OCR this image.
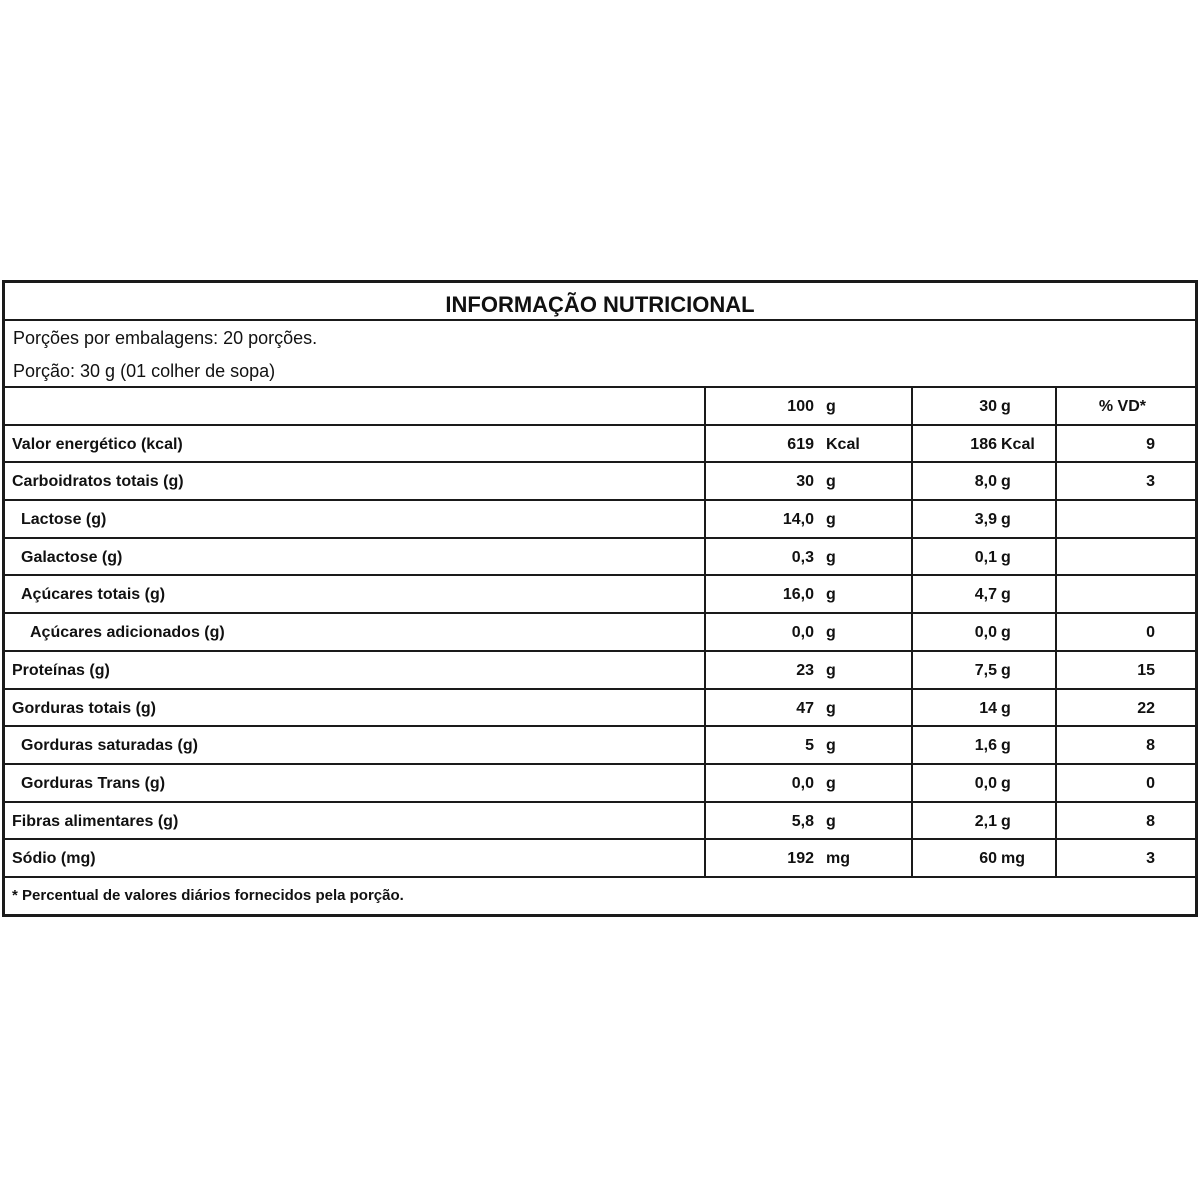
INFORMAÇÃO NUTRICIONAL
Porções por embalagens: 20 porções.
Porção: 30 g (01 colher de sopa)
100 g	30 g	% VD*
Valor energético (kcal)	619 Kcal	186 Kcal	9
Carboidratos totais (g)	30 g	8,0 g	3
Lactose (g)	14,0 g	3,9 g
Galactose (g)	0,3 g	0,1 g
Açúcares totais (g)	16,0 g	4,7 g
Açúcares adicionados (g)	0,0 g	0,0 g	0
Proteínas (g)	23 g	7,5 g	15
Gorduras totais (g)	47 g	14 g	22
Gorduras saturadas (g)	5 g	1,6 g	8
Gorduras Trans (g)	0,0 g	0,0 g	0
Fibras alimentares (g)	5,8 g	2,1 g	8
Sódio (mg)	192 mg	60 mg	3
* Percentual de valores diários fornecidos pela porção.
